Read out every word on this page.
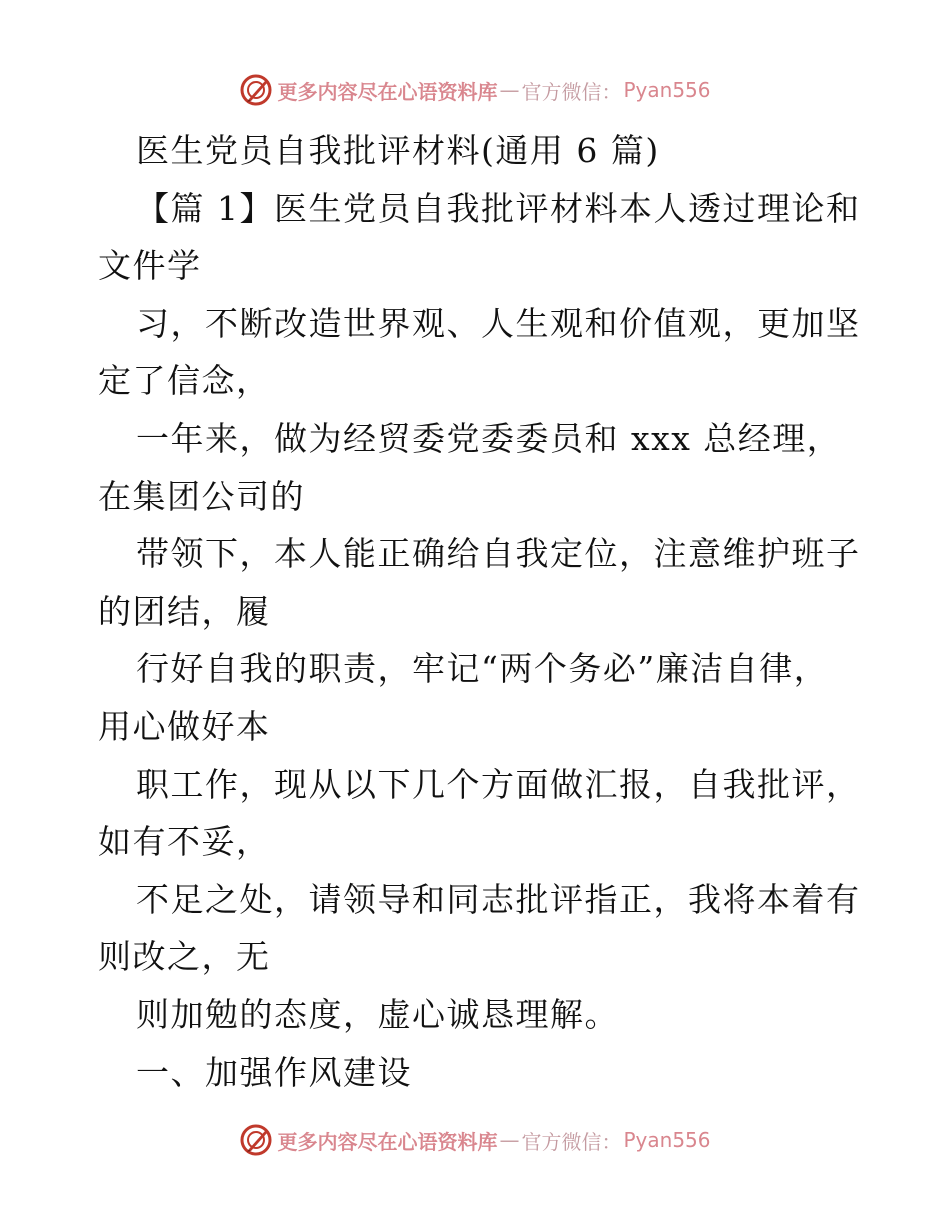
更多内容尽在心语资料库 — 官方微信： Pyan556
医生党员自我批评材料(通用 6 篇)
【篇 1】医生党员自我批评材料本人透过理论和
文件学
习，不断改造世界观、人生观和价值观，更加坚
定了信念，
一年来，做为经贸委党委委员和 xxx 总经理，
在集团公司的
带领下，本人能正确给自我定位，注意维护班子
的团结，履
行好自我的职责，牢记“两个务必”廉洁自律，
用心做好本
职工作，现从以下几个方面做汇报，自我批评，
如有不妥，
不足之处，请领导和同志批评指正，我将本着有
则改之，无
则加勉的态度，虚心诚恳理解。
一、加强作风建设
更多内容尽在心语资料库 — 官方微信： Pyan556
